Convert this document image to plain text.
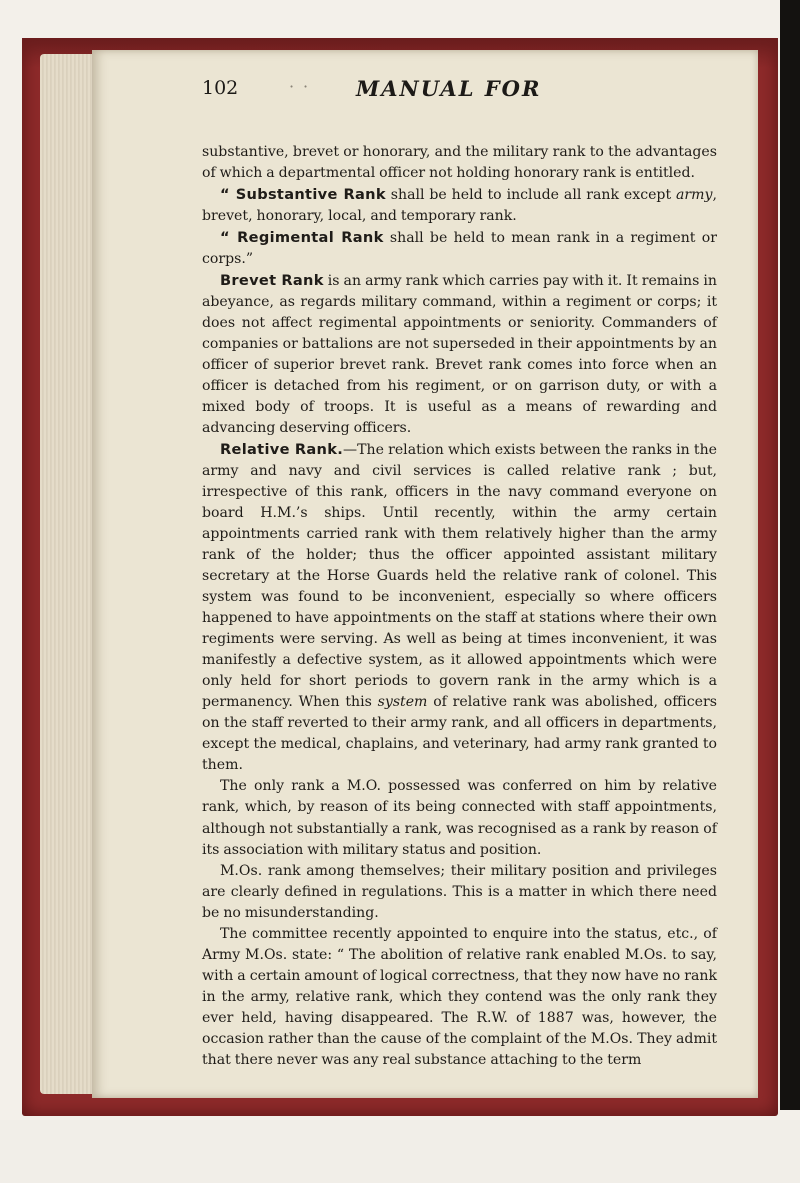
102	· · MANUAL FOR

substantive, brevet or honorary, and the military rank to the advantages of which a departmental officer not holding honorary rank is entitled.

“ Substantive Rank shall be held to include all rank except army, brevet, honorary, local, and temporary rank.

“ Regimental Rank shall be held to mean rank in a regiment or corps.”

Brevet Rank is an army rank which carries pay with it. It remains in abeyance, as regards military command, within a regiment or corps; it does not affect regimental appointments or seniority. Commanders of companies or battalions are not superseded in their appointments by an officer of superior brevet rank. Brevet rank comes into force when an officer is detached from his regiment, or on garrison duty, or with a mixed body of troops. It is useful as a means of rewarding and advancing deserving officers.

Relative Rank.—The relation which exists between the ranks in the army and navy and civil services is called relative rank ; but, irrespective of this rank, officers in the navy command everyone on board H.M.’s ships. Until recently, within the army certain appointments carried rank with them relatively higher than the army rank of the holder; thus the officer appointed assistant military secretary at the Horse Guards held the relative rank of colonel. This system was found to be inconvenient, especially so where officers happened to have appointments on the staff at stations where their own regiments were serving. As well as being at times inconvenient, it was manifestly a defective system, as it allowed appointments which were only held for short periods to govern rank in the army which is a permanency. When this system of relative rank was abolished, officers on the staff reverted to their army rank, and all officers in departments, except the medical, chaplains, and veterinary, had army rank granted to them.

The only rank a M.O. possessed was conferred on him by relative rank, which, by reason of its being connected with staff appointments, although not substantially a rank, was recognised as a rank by reason of its association with military status and position.

M.Os. rank among themselves; their military position and privileges are clearly defined in regulations. This is a matter in which there need be no misunderstanding.

The committee recently appointed to enquire into the status, etc., of Army M.Os. state: “ The abolition of relative rank enabled M.Os. to say, with a certain amount of logical correctness, that they now have no rank in the army, relative rank, which they contend was the only rank they ever held, having disappeared. The R.W. of 1887 was, however, the occasion rather than the cause of the complaint of the M.Os. They admit that there never was any real substance attaching to the term
